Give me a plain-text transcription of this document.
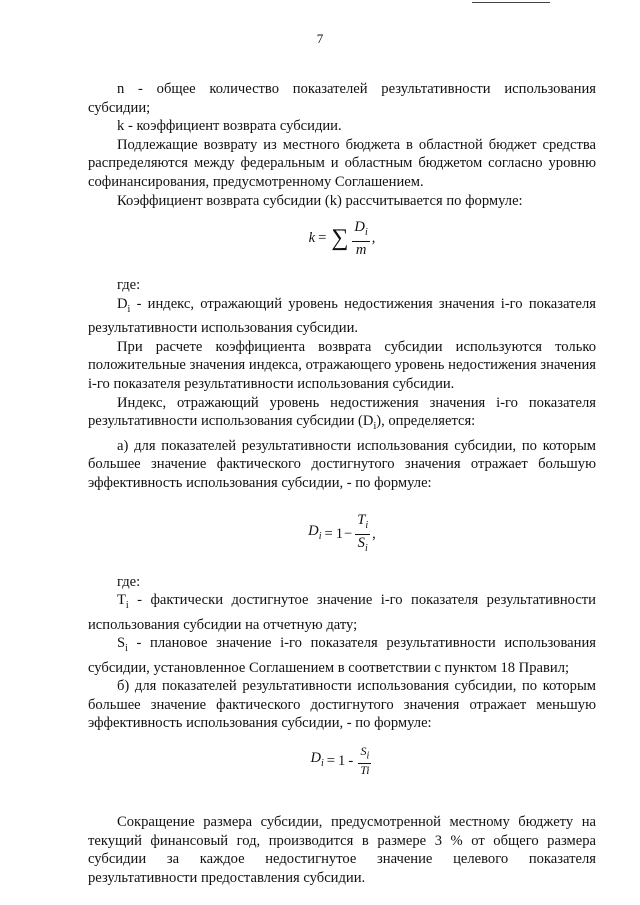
7

n - общее количество показателей результативности использования субсидии;

k - коэффициент возврата субсидии.

Подлежащие возврату из местного бюджета в областной бюджет средства распределяются между федеральным и областным бюджетом согласно уровню софинансирования, предусмотренному Соглашением.

Коэффициент возврата субсидии (k) рассчитывается по формуле:

k = ∑ $\frac{D_i}{m}$ ,

где:

$D_i$ - индекс, отражающий уровень недостижения значения i-го показателя результативности использования субсидии.

При расчете коэффициента возврата субсидии используются только положительные значения индекса, отражающего уровень недостижения значения i-го показателя результативности использования субсидии.

Индекс, отражающий уровень недостижения значения i-го показателя результативности использования субсидии $(D_i)$, определяется:

а) для показателей результативности использования субсидии, по которым большее значение фактического достигнутого значения отражает большую эффективность использования субсидии, - по формуле:

$D_i = 1 - \frac{T_i}{S_i}$ ,

где:

$T_i$ - фактически достигнутое значение i-го показателя результативности использования субсидии на отчетную дату;

$S_i$ - плановое значение i-го показателя результативности использования субсидии, установленное Соглашением в соответствии с пунктом 18 Правил;

б) для показателей результативности использования субсидии, по которым большее значение фактического достигнутого значения отражает меньшую эффективность использования субсидии, - по формуле:

$D_i = 1 - \frac{S_i}{Ti}$

Сокращение размера субсидии, предусмотренной местному бюджету на текущий финансовый год, производится в размере 3 % от общего размера субсидии за каждое недостигнутое значение целевого показателя результативности предоставления субсидии.
